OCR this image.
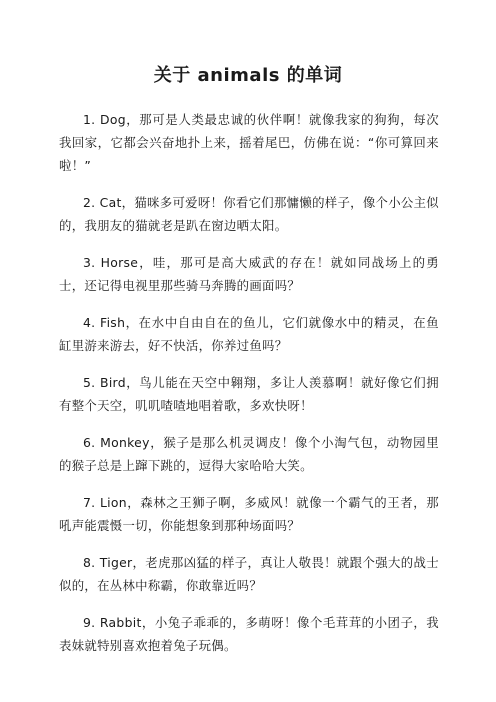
关于 animals 的单词

1. Dog，那可是人类最忠诚的伙伴啊！就像我家的狗狗，每次我回家，它都会兴奋地扑上来，摇着尾巴，仿佛在说：“你可算回来啦！”

2. Cat，猫咪多可爱呀！你看它们那慵懒的样子，像个小公主似的，我朋友的猫就老是趴在窗边晒太阳。

3. Horse，哇，那可是高大威武的存在！就如同战场上的勇士，还记得电视里那些骑马奔腾的画面吗？

4. Fish，在水中自由自在的鱼儿，它们就像水中的精灵，在鱼缸里游来游去，好不快活，你养过鱼吗？

5. Bird，鸟儿能在天空中翱翔，多让人羡慕啊！就好像它们拥有整个天空，叽叽喳喳地唱着歌，多欢快呀！

6. Monkey，猴子是那么机灵调皮！像个小淘气包，动物园里的猴子总是上蹿下跳的，逗得大家哈哈大笑。

7. Lion，森林之王狮子啊，多威风！就像一个霸气的王者，那吼声能震慑一切，你能想象到那种场面吗？

8. Tiger，老虎那凶猛的样子，真让人敬畏！就跟个强大的战士似的，在丛林中称霸，你敢靠近吗？

9. Rabbit，小兔子乖乖的，多萌呀！像个毛茸茸的小团子，我表妹就特别喜欢抱着兔子玩偶。
